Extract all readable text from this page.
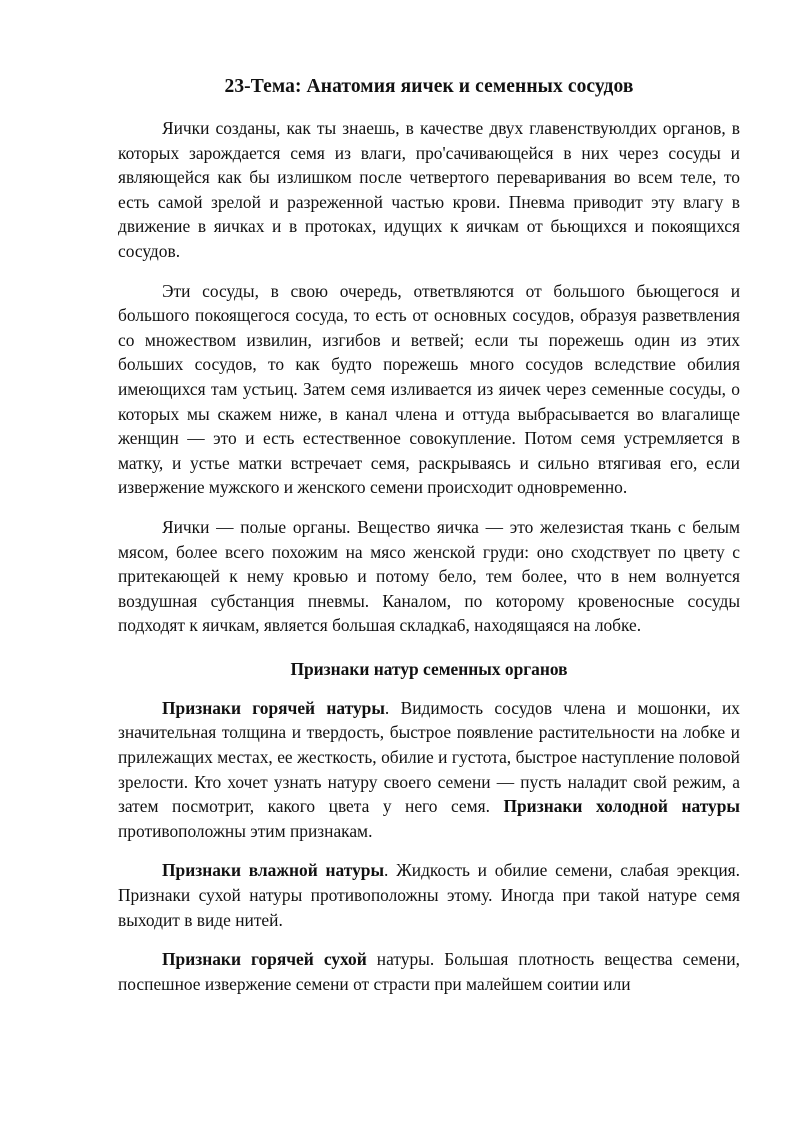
23-Тема: Анатомия яичек и семенных сосудов

Яички созданы, как ты знаешь, в качестве двух главенствуюлдих органов, в которых зарождается семя из влаги, про'сачивающейся в них через сосуды и являющейся как бы излишком после четвертого переваривания во всем теле, то есть самой зрелой и разреженной частью крови. Пневма приводит эту влагу в движение в яичках и в протоках, идущих к яичкам от бьющихся и покоящихся сосудов.

Эти сосуды, в свою очередь, ответвляются от большого бьющегося и большого покоящегося сосуда, то есть от основных сосудов, образуя разветвления со множеством извилин, изгибов и ветвей; если ты порежешь один из этих больших сосудов, то как будто порежешь много сосудов вследствие обилия имеющихся там устьиц. Затем семя изливается из яичек через семенные сосуды, о которых мы скажем ниже, в канал члена и оттуда выбрасывается во влагалище женщин — это и есть естественное совокупление. Потом семя устремляется в матку, и устье матки встречает семя, раскрываясь и сильно втягивая его, если извержение мужского и женского семени происходит одновременно.

Яички — полые органы. Вещество яичка — это железистая ткань с белым мясом, более всего похожим на мясо женской груди: оно сходствует по цвету с притекающей к нему кровью и потому бело, тем более, что в нем волнуется воздушная субстанция пневмы. Каналом, по которому кровеносные сосуды подходят к яичкам, является большая складка6, находящаяся на лобке.

Признаки натур семенных органов

Признаки горячей натуры. Видимость сосудов члена и мошонки, их значительная толщина и твердость, быстрое появление растительности на лобке и прилежащих местах, ее жесткость, обилие и густота, быстрое наступление половой зрелости. Кто хочет узнать натуру своего семени — пусть наладит свой режим, а затем посмотрит, какого цвета у него семя. Признаки холодной натуры противоположны этим признакам.

Признаки влажной натуры. Жидкость и обилие семени, слабая эрекция. Признаки сухой натуры противоположны этому. Иногда при такой натуре семя выходит в виде нитей.

Признаки горячей сухой натуры. Большая плотность вещества семени, поспешное извержение семени от страсти при малейшем соитии или
